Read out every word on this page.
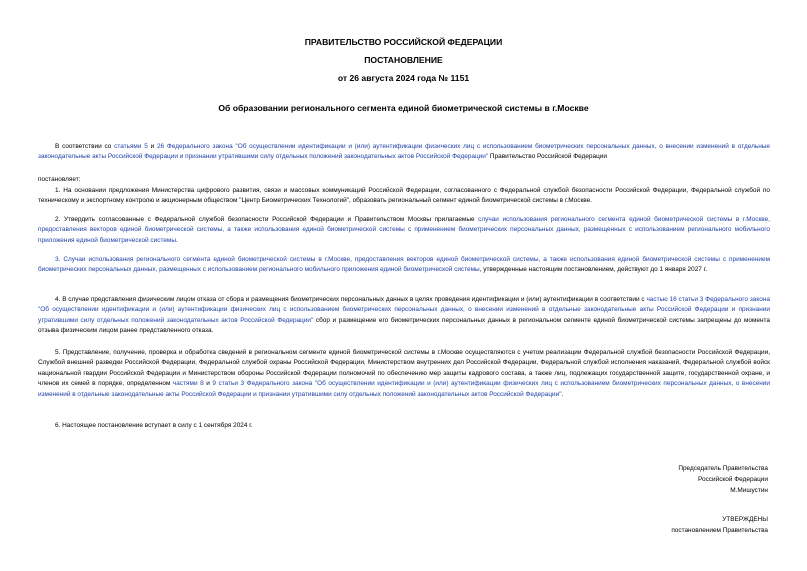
ПРАВИТЕЛЬСТВО РОССИЙСКОЙ ФЕДЕРАЦИИ
ПОСТАНОВЛЕНИЕ
от 26 августа 2024 года № 1151
Об образовании регионального сегмента единой биометрической системы в г.Москве

В соответствии со статьями 5 и 26 Федерального закона "Об осуществлении идентификации и (или) аутентификации физических лиц с использованием биометрических персональных данных, о внесении изменений в отдельные законодательные акты Российской Федерации и признании утратившими силу отдельных положений законодательных актов Российской Федерации" Правительство Российской Федерации

постановляет:

1. На основании предложения Министерства цифрового развития, связи и массовых коммуникаций Российской Федерации, согласованного с Федеральной службой безопасности Российской Федерации, Федеральной службой по техническому и экспортному контролю и акционерным обществом "Центр Биометрических Технологий", образовать региональный сегмент единой биометрической системы в г.Москве.

2. Утвердить согласованные с Федеральной службой безопасности Российской Федерации и Правительством Москвы прилагаемые случаи использования регионального сегмента единой биометрической системы в г.Москве, предоставления векторов единой биометрической системы, а также использования единой биометрической системы с применением биометрических персональных данных, размещенных с использованием регионального мобильного приложения единой биометрической системы.

3. Случаи использования регионального сегмента единой биометрической системы в г.Москве, предоставления векторов единой биометрической системы, а также использования единой биометрической системы с применением биометрических персональных данных, размещенных с использованием регионального мобильного приложения единой биометрической системы, утвержденные настоящим постановлением, действуют до 1 января 2027 г.

4. В случае представления физическим лицом отказа от сбора и размещения биометрических персональных данных в целях проведения идентификации и (или) аутентификации в соответствии с частью 16 статьи 3 Федерального закона "Об осуществлении идентификации и (или) аутентификации физических лиц с использованием биометрических персональных данных, о внесении изменений в отдельные законодательные акты Российской Федерации и признании утратившими силу отдельных положений законодательных актов Российской Федерации" сбор и размещение его биометрических персональных данных в региональном сегменте единой биометрической системы запрещены до момента отзыва физическим лицом ранее представленного отказа.

5. Представление, получение, проверка и обработка сведений в региональном сегменте единой биометрической системы в г.Москве осуществляются с учетом реализации Федеральной службой безопасности Российской Федерации, Службой внешней разведки Российской Федерации, Федеральной службой охраны Российской Федерации, Министерством внутренних дел Российской Федерации, Федеральной службой исполнения наказаний, Федеральной службой войск национальной гвардии Российской Федерации и Министерством обороны Российской Федерации полномочий по обеспечению мер защиты кадрового состава, а также лиц, подлежащих государственной защите, государственной охране, и членов их семей в порядке, определенном частями 8 и 9 статьи 3 Федерального закона "Об осуществлении идентификации и (или) аутентификации физических лиц с использованием биометрических персональных данных, о внесении изменений в отдельные законодательные акты Российской Федерации и признании утратившими силу отдельных положений законодательных актов Российской Федерации".

6. Настоящее постановление вступает в силу с 1 сентября 2024 г.

Председатель Правительства
Российской Федерации
М.Мишустин
УТВЕРЖДЕНЫ
постановлением Правительства
